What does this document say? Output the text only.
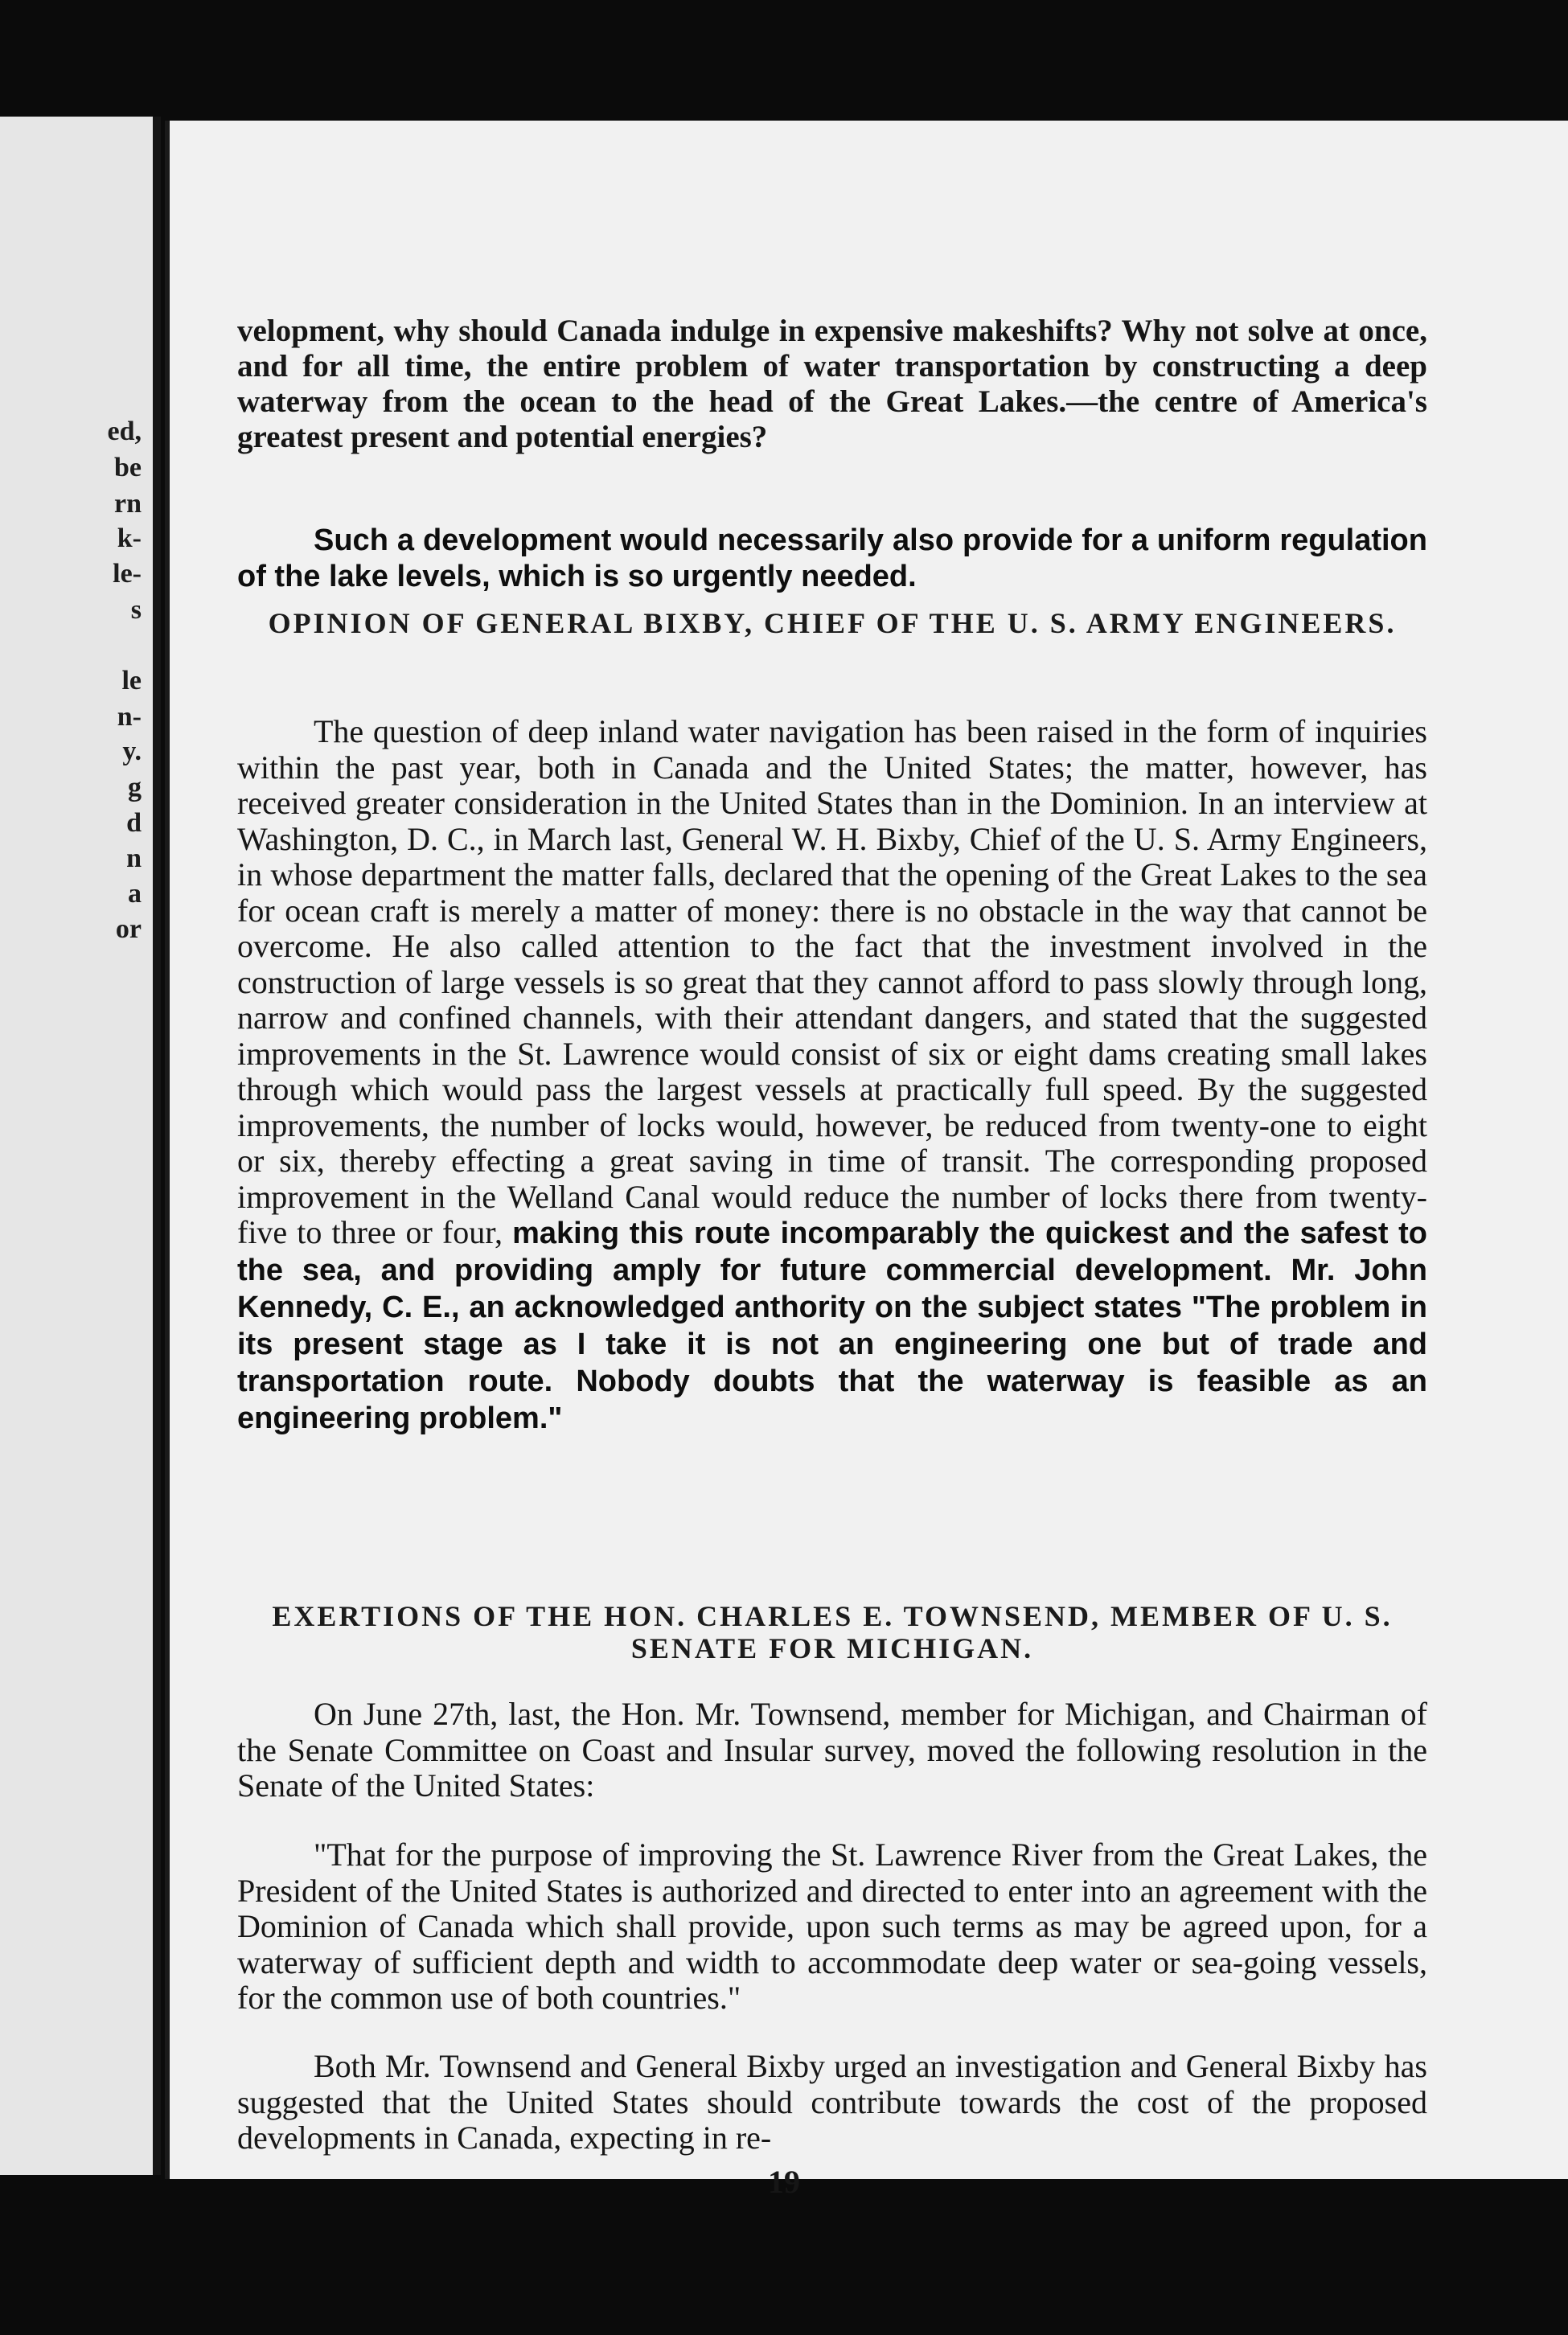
ed,
be
rn
k-
le-
s
le
n-
y.
g
d
n
a
or

velopment, why should Canada indulge in expensive makeshifts? Why not solve at once, and for all time, the entire problem of water transportation by constructing a deep waterway from the ocean to the head of the Great Lakes.—the centre of America's greatest present and potential energies?

Such a development would necessarily also provide for a uniform regulation of the lake levels, which is so urgently needed.

OPINION OF GENERAL BIXBY, CHIEF OF THE U. S. ARMY ENGINEERS.

The question of deep inland water navigation has been raised in the form of inquiries within the past year, both in Canada and the United States; the matter, however, has received greater consideration in the United States than in the Dominion. In an interview at Washington, D. C., in March last, General W. H. Bixby, Chief of the U. S. Army Engineers, in whose department the matter falls, declared that the opening of the Great Lakes to the sea for ocean craft is merely a matter of money: there is no obstacle in the way that cannot be overcome. He also called attention to the fact that the investment involved in the construction of large vessels is so great that they cannot afford to pass slowly through long, narrow and confined channels, with their attendant dangers, and stated that the suggested improvements in the St. Lawrence would consist of six or eight dams creating small lakes through which would pass the largest vessels at practically full speed. By the suggested improvements, the number of locks would, however, be reduced from twenty-one to eight or six, thereby effecting a great saving in time of transit. The corresponding proposed improvement in the Welland Canal would reduce the number of locks there from twenty-five to three or four, making this route incomparably the quickest and the safest to the sea, and providing amply for future commercial development. Mr. John Kennedy, C. E., an acknowledged anthority on the subject states "The problem in its present stage as I take it is not an engineering one but of trade and transportation route. Nobody doubts that the waterway is feasible as an engineering problem."

EXERTIONS OF THE HON. CHARLES E. TOWNSEND, MEMBER OF U. S. SENATE FOR MICHIGAN.

On June 27th, last, the Hon. Mr. Townsend, member for Michigan, and Chairman of the Senate Committee on Coast and Insular survey, moved the following resolution in the Senate of the United States:

"That for the purpose of improving the St. Lawrence River from the Great Lakes, the President of the United States is authorized and directed to enter into an agreement with the Dominion of Canada which shall provide, upon such terms as may be agreed upon, for a waterway of sufficient depth and width to accommodate deep water or sea-going vessels, for the common use of both countries."

Both Mr. Townsend and General Bixby urged an investigation and General Bixby has suggested that the United States should contribute towards the cost of the proposed developments in Canada, expecting in re-

19
